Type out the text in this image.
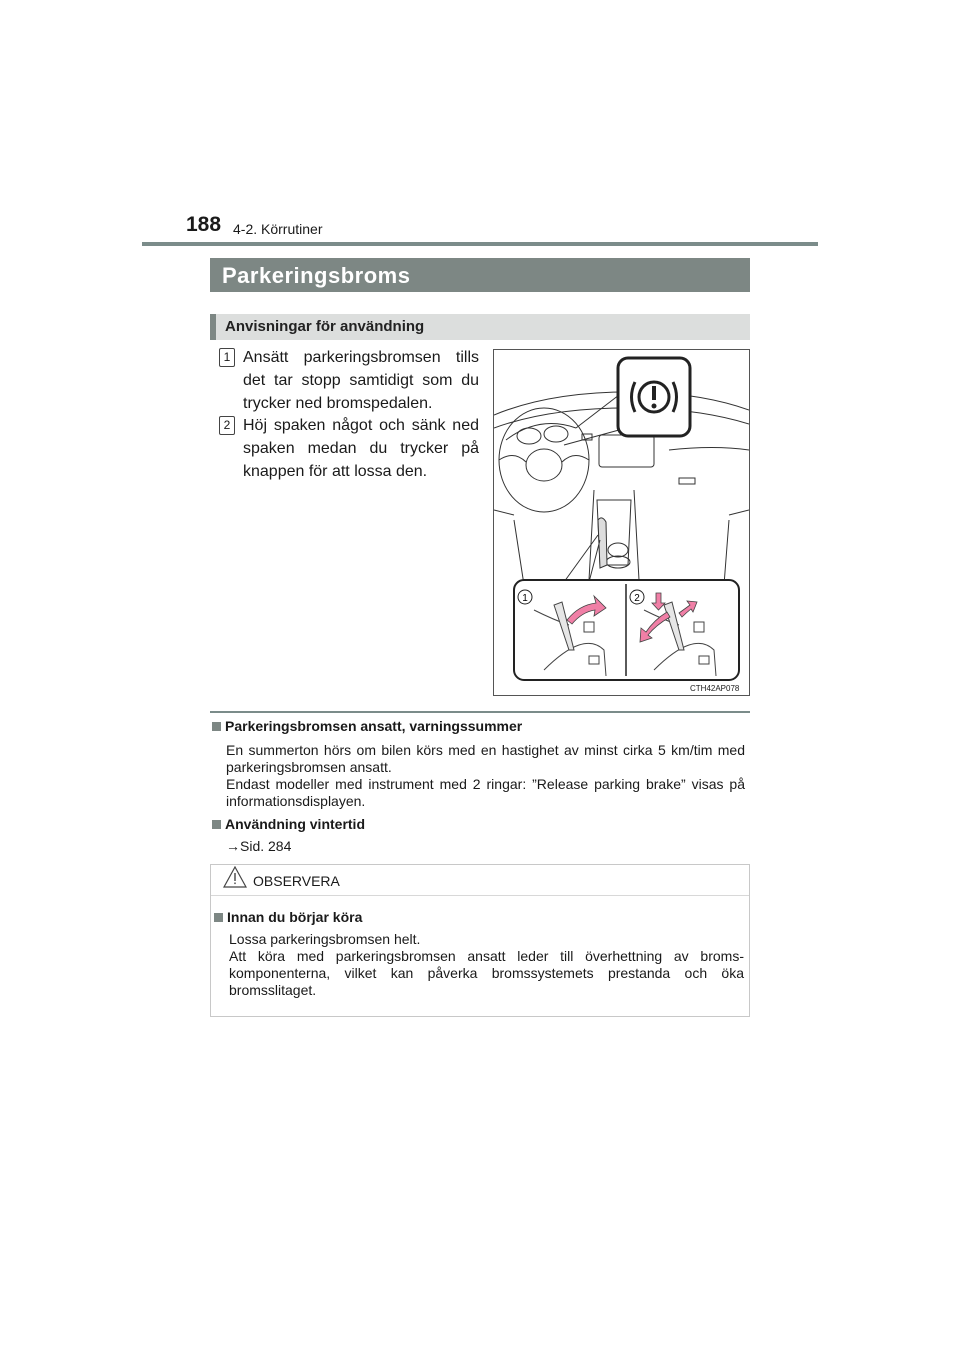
188 4-2. Körrutiner
Parkeringsbroms
Anvisningar för användning
1 Ansätt parkeringsbromsen tills det tar stopp samtidigt som du trycker ned bromspedalen.
2 Höj spaken något och sänk ned spaken medan du trycker på knappen för att lossa den.
1	2
CTH42AP078
Parkeringsbromsen ansatt, varningssummer
En summerton hörs om bilen körs med en hastighet av minst cirka 5 km/tim med parkeringsbromsen ansatt.
Endast modeller med instrument med 2 ringar: ”Release parking brake” visas på informationsdisplayen.
Användning vintertid
→Sid. 284
OBSERVERA
Innan du börjar köra
Lossa parkeringsbromsen helt.
Att köra med parkeringsbromsen ansatt leder till överhettning av bromskomponenterna, vilket kan påverka bromssystemets prestanda och öka bromsslitaget.
